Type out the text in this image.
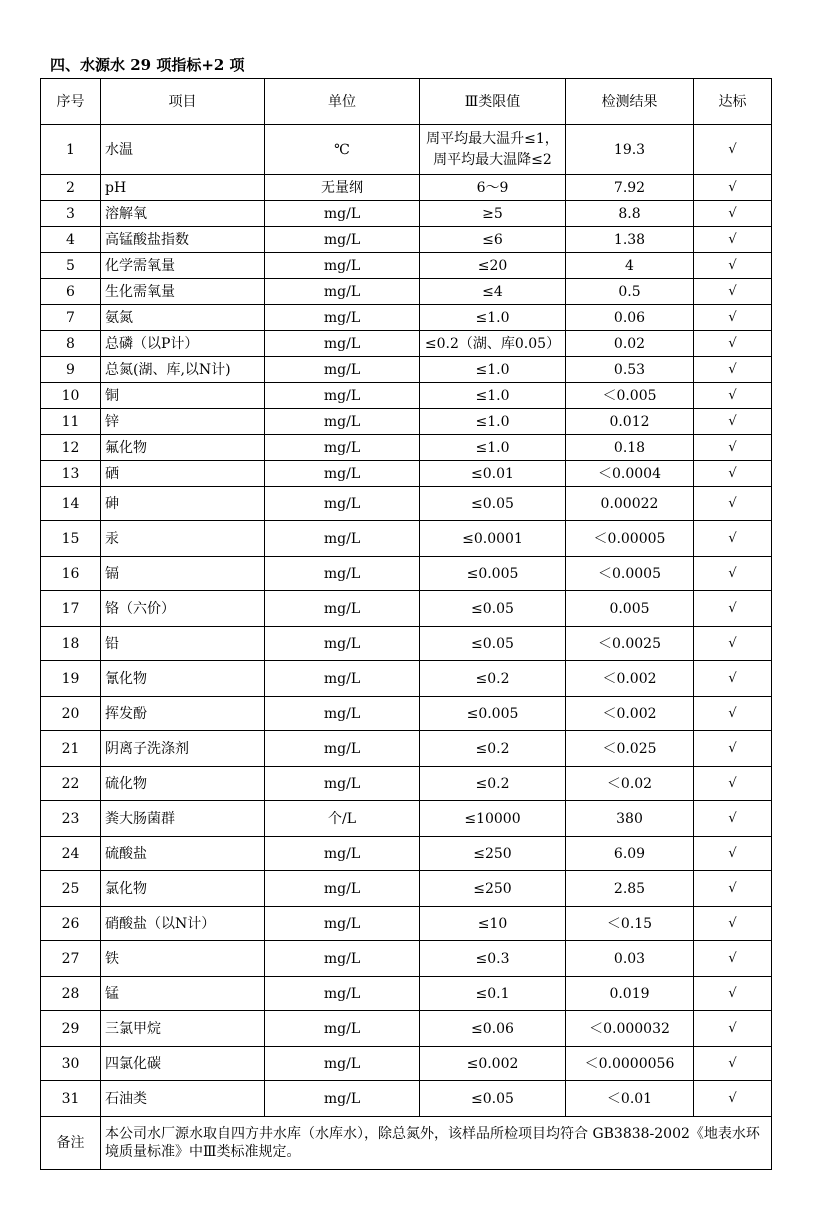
四、水源水 29 项指标+2 项
序号	项目	单位	Ⅲ类限值	检测结果	达标
1	水温	℃	周平均最大温升≤1，
周平均最大温降≤2	19.3	√
2	pH	无量纲	6～9	7.92	√
3	溶解氧	mg/L	≥5	8.8	√
4	高锰酸盐指数	mg/L	≤6	1.38	√
5	化学需氧量	mg/L	≤20	4	√
6	生化需氧量	mg/L	≤4	0.5	√
7	氨氮	mg/L	≤1.0	0.06	√
8	总磷（以P计）	mg/L	≤0.2（湖、库0.05）	0.02	√
9	总氮(湖、库,以N计)	mg/L	≤1.0	0.53	√
10	铜	mg/L	≤1.0	＜0.005	√
11	锌	mg/L	≤1.0	0.012	√
12	氟化物	mg/L	≤1.0	0.18	√
13	硒	mg/L	≤0.01	＜0.0004	√
14	砷	mg/L	≤0.05	0.00022	√
15	汞	mg/L	≤0.0001	＜0.00005	√
16	镉	mg/L	≤0.005	＜0.0005	√
17	铬（六价）	mg/L	≤0.05	0.005	√
18	铅	mg/L	≤0.05	＜0.0025	√
19	氰化物	mg/L	≤0.2	＜0.002	√
20	挥发酚	mg/L	≤0.005	＜0.002	√
21	阴离子洗涤剂	mg/L	≤0.2	＜0.025	√
22	硫化物	mg/L	≤0.2	＜0.02	√
23	粪大肠菌群	个/L	≤10000	380	√
24	硫酸盐	mg/L	≤250	6.09	√
25	氯化物	mg/L	≤250	2.85	√
26	硝酸盐（以N计）	mg/L	≤10	＜0.15	√
27	铁	mg/L	≤0.3	0.03	√
28	锰	mg/L	≤0.1	0.019	√
29	三氯甲烷	mg/L	≤0.06	＜0.000032	√
30	四氯化碳	mg/L	≤0.002	＜0.0000056	√
31	石油类	mg/L	≤0.05	＜0.01	√
备注	本公司水厂源水取自四方井水库（水库水），除总氮外，该样品所检项目均符合 GB3838-2002《地表水环境质量标准》中Ⅲ类标准规定。				
